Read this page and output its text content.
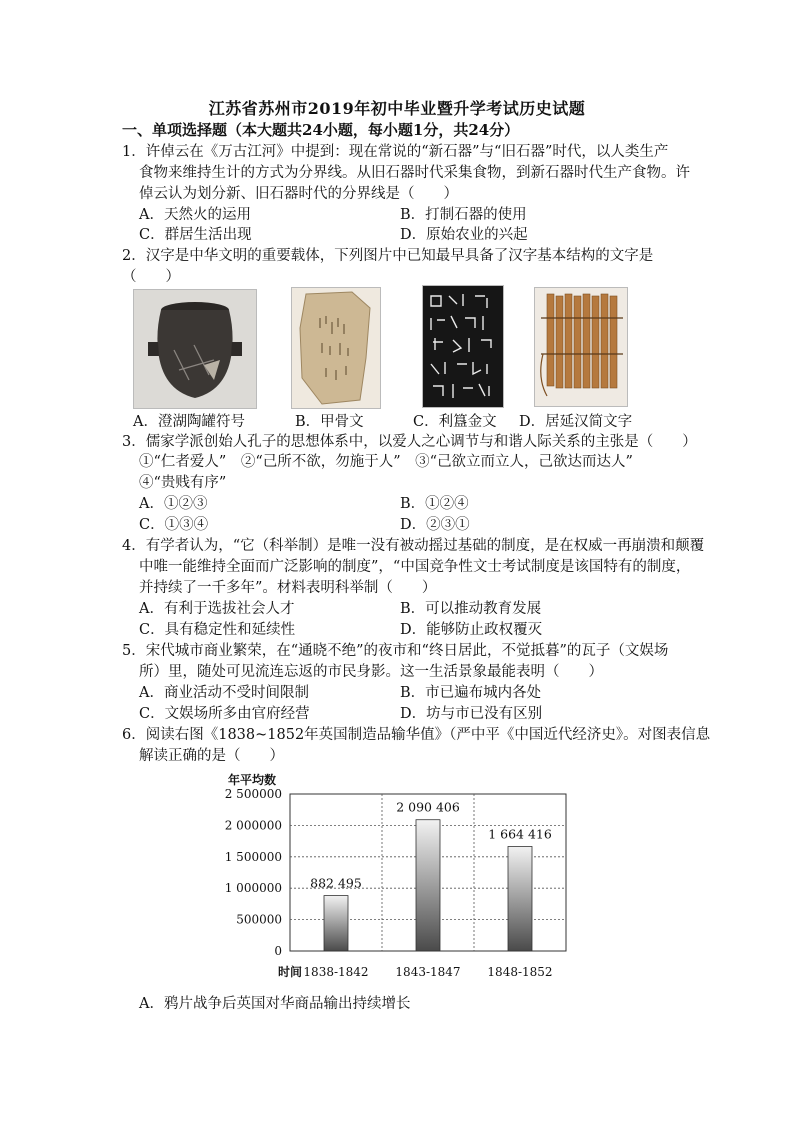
江苏省苏州市2019年初中毕业暨升学考试历史试题
一、单项选择题（本大题共24小题，每小题1分，共24分）
1．许倬云在《万古江河》中提到：现在常说的“新石器”与“旧石器”时代，以人类生产
食物来维持生计的方式为分界线。从旧石器时代采集食物，到新石器时代生产食物。许
倬云认为划分新、旧石器时代的分界线是（　　）
A．天然火的运用	B．打制石器的使用
C．群居生活出现	D．原始农业的兴起
2．汉字是中华文明的重要载体，下列图片中已知最早具备了汉字基本结构的文字是
（　　）
A．澄湖陶罐符号	B．甲骨文	C．利簋金文 D．居延汉简文字
3．儒家学派创始人孔子的思想体系中，以爱人之心调节与和谐人际关系的主张是（　　）
①“仁者爱人”　②“己所不欲，勿施于人”　③“己欲立而立人，己欲达而达人”
④“贵贱有序”
A．①②③	B．①②④
C．①③④	D．②③①
4．有学者认为，“它（科举制）是唯一没有被动摇过基础的制度，是在权威一再崩溃和颠覆
中唯一能维持全面而广泛影响的制度”，“中国竞争性文士考试制度是该国特有的制度，
并持续了一千多年”。材料表明科举制（　　）
A．有利于选拔社会人才	B．可以推动教育发展
C．具有稳定性和延续性	D．能够防止政权覆灭
5．宋代城市商业繁荣，在“通晓不绝”的夜市和“终日居此，不觉抵暮”的瓦子（文娱场
所）里，随处可见流连忘返的市民身影。这一生活景象最能表明（　　）
A．商业活动不受时间限制	B．市已遍布城内各处
C．文娱场所多由官府经营	D．坊与市已没有区别
6．阅读右图《1838~1852年英国制造品输华值》（严中平《中国近代经济史》。对图表信息
解读正确的是（　　）
年平均数
0
500000
1 000000
1 500000
2 000000
2 500000
882 495
2 090 406
1 664 416
1838-1842 1843-1847 1848-1852
时间
A．鸦片战争后英国对华商品输出持续增长
